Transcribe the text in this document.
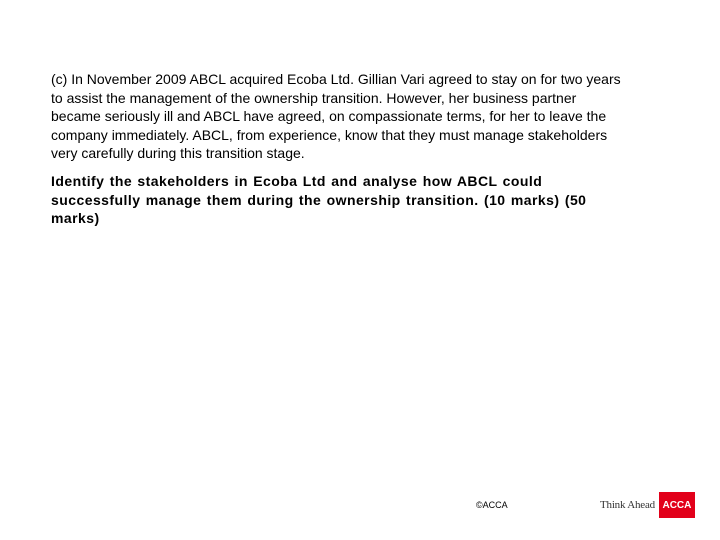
(c) In November 2009 ABCL acquired Ecoba Ltd. Gillian Vari agreed to stay on for two years to assist the management of the ownership transition. However, her business partner became seriously ill and ABCL have agreed, on compassionate terms, for her to leave the company immediately. ABCL, from experience, know that they must manage stakeholders very carefully during this transition stage.

Identify the stakeholders in Ecoba Ltd and analyse how ABCL could successfully manage them during the ownership transition. (10 marks) (50 marks)

©ACCA	Think Ahead ACCA
